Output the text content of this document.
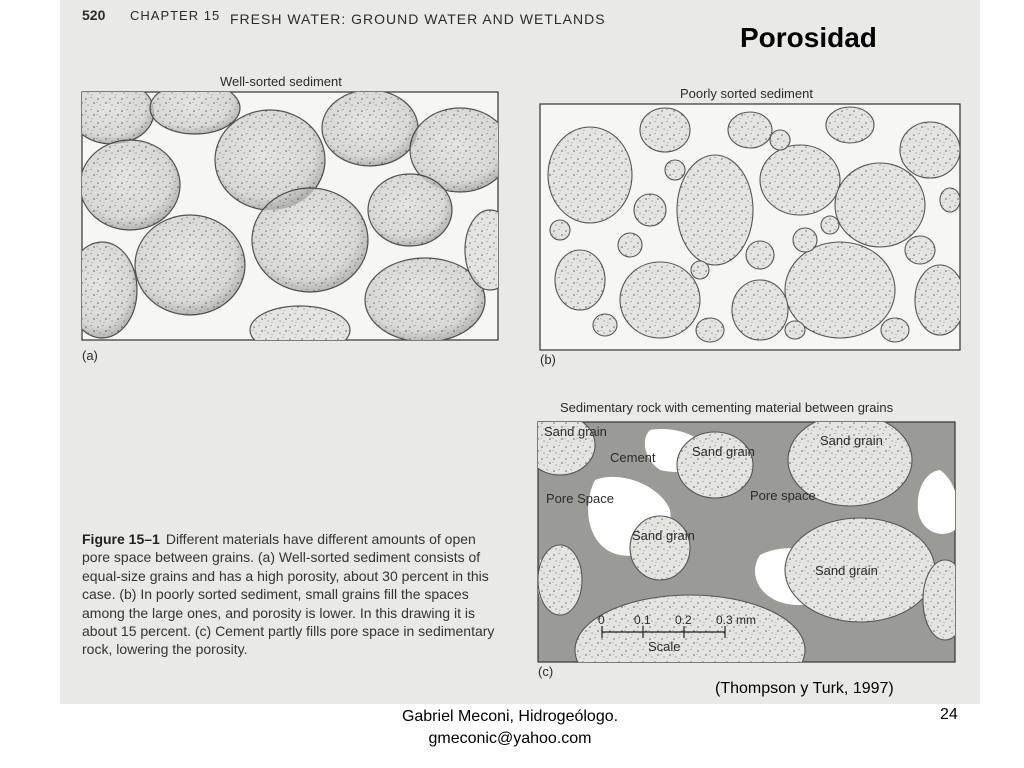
520 CHAPTER 15 FRESH WATER: GROUND WATER AND WETLANDS
Well-sorted sediment
(a)
Poorly sorted sediment
(b)
Sedimentary rock with cementing material between grains
(c)
Sand grain
Cement	Sand grain
Sand grain
Pore Space	Pore space
Sand grain
Sand grain
0 0.1 0.2 0.3 mm
Scale
Figure 15–1 Different materials have different amounts of open pore space between grains. (a) Well-sorted sediment consists of equal-size grains and has a high porosity, about 30 percent in this case. (b) In poorly sorted sediment, small grains fill the spaces among the large ones, and porosity is lower. In this drawing it is about 15 percent. (c) Cement partly fills pore space in sedimentary rock, lowering the porosity.
Porosidad
(Thompson y Turk, 1997)
Gabriel Meconi, Hidrogeólogo.
gmeconic@yahoo.com
24
